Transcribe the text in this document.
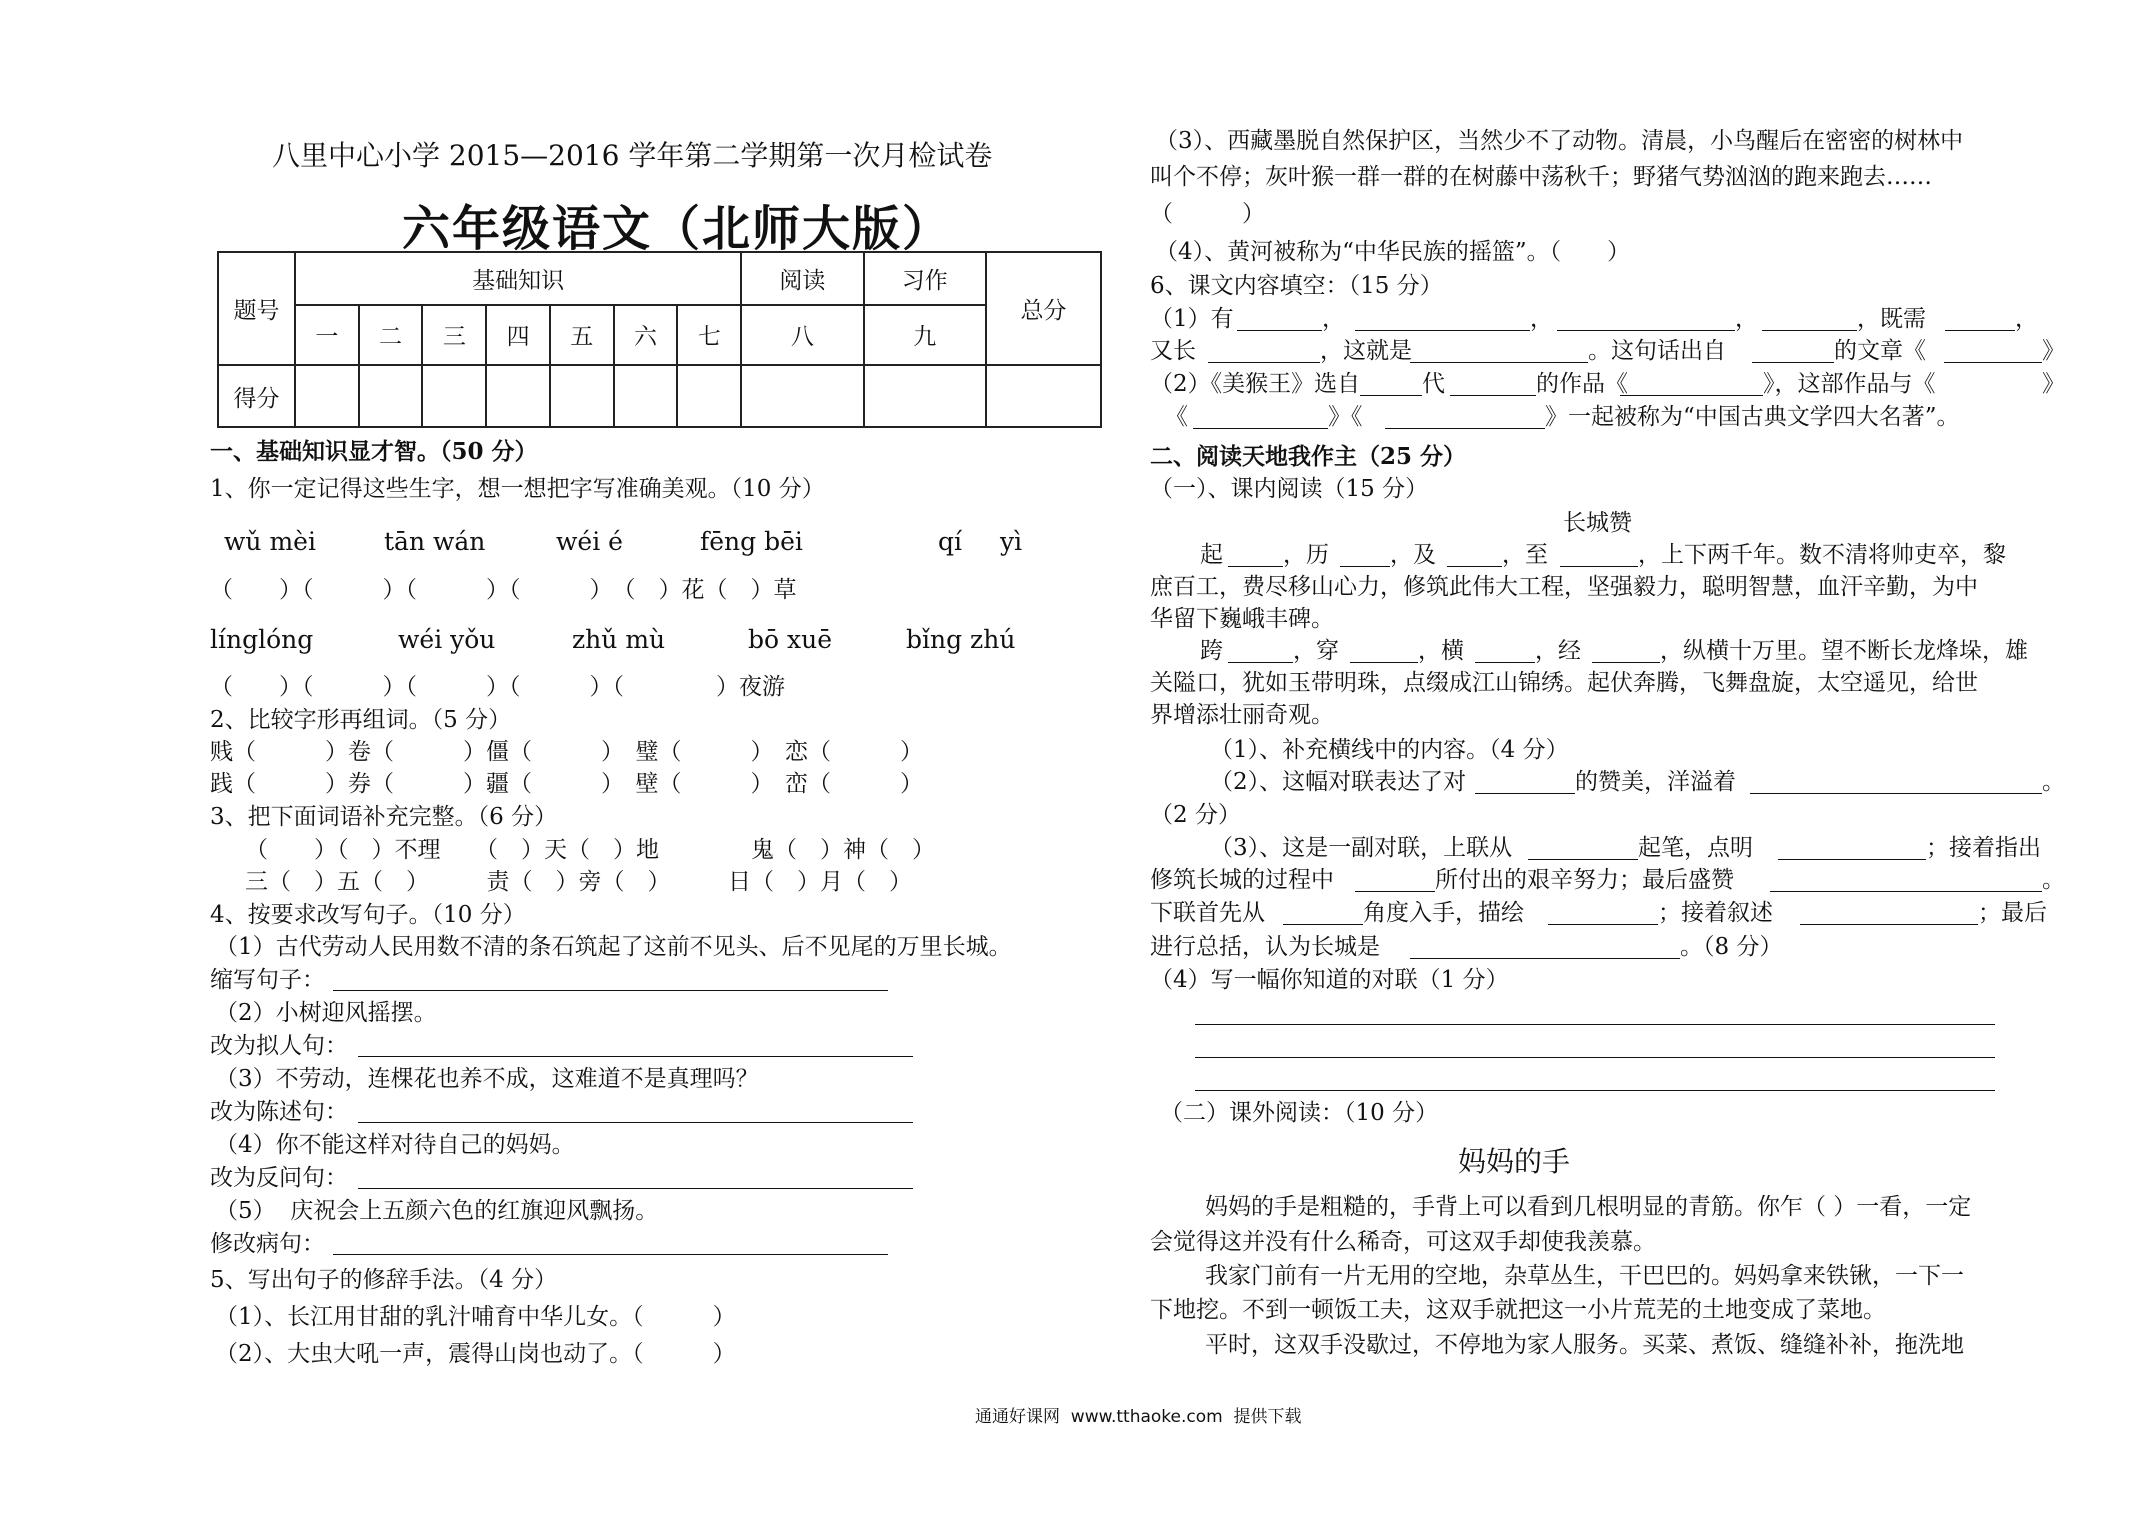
八里中心小学 2015—2016 学年第二学期第一次月检试卷
六年级语文（北师大版）
题号	基础知识							阅读	习作	总分
	一	二	三	四	五	六	七	八	九	
得分										
一、基础知识显才智。（50 分）
1、你一定记得这些生字，想一想把字写准确美观。（10 分）
wǔ mèi	tān wán	wéi é	fēng bēi	qí yì
（　　）（　　　）（　　　）（　　　）　（　）花（　）草
línglóng	wéi yǒu	zhǔ mù	bō xuē	bǐng zhú
（　　）（　　　）（　　　）（　　　）（　　　　）夜游
2、比较字形再组词。（5 分）
贱（　　　）卷（　　　）僵（　　　）　璧（　　　）　恋（　　　）
践（　　　）券（　　　）疆（　　　）　壁（　　　）　峦（　　　）
3、把下面词语补充完整。（6 分）
（　　）（　）不理　　（　）天（　）地　　　　鬼（　）神（　）
三（　）五（　）　　　责（　）旁（　）　　　日（　）月（　）
4、按要求改写句子。（10 分）
（1）古代劳动人民用数不清的条石筑起了这前不见头、后不见尾的万里长城。
缩写句子：
（2）小树迎风摇摆。
改为拟人句：
（3）不劳动，连棵花也养不成，这难道不是真理吗？
改为陈述句：
（4）你不能这样对待自己的妈妈。
改为反问句：
（5）  庆祝会上五颜六色的红旗迎风飘扬。
修改病句：
5、写出句子的修辞手法。（4 分）
（1）、长江用甘甜的乳汁哺育中华儿女。（　　　）
（2）、大虫大吼一声，震得山岗也动了。（　　　）
（3）、西藏墨脱自然保护区，当然少不了动物。清晨，小鸟醒后在密密的树林中
叫个不停；灰叶猴一群一群的在树藤中荡秋千；野猪气势汹汹的跑来跑去……
（　　　）
（4）、黄河被称为“中华民族的摇篮”。（　　）
6、课文内容填空：（15 分）
（1）有	，	，	，	，既需	，
又长	，这就是	。这句话出自	的文章《	》
（2）《美猴王》选自	代	的作品《	》，这部作品与《	》
《	》《	》一起被称为“中国古典文学四大名著”。
二、阅读天地我作主（25 分）
（一）、课内阅读（15 分）
长城赞
起	，历	，及	，至	，上下两千年。数不清将帅吏卒，黎
庶百工，费尽移山心力，修筑此伟大工程，坚强毅力，聪明智慧，血汗辛勤，为中
华留下巍峨丰碑。
跨	，穿	，横	，经	，纵横十万里。望不断长龙烽垛，雄
关隘口，犹如玉带明珠，点缀成江山锦绣。起伏奔腾，飞舞盘旋，太空遥见，给世
界增添壮丽奇观。
（1）、补充横线中的内容。（4 分）
（2）、这幅对联表达了对	的赞美，洋溢着	。
（2 分）
（3）、这是一副对联，上联从	起笔，点明	；接着指出
修筑长城的过程中	所付出的艰辛努力；最后盛赞	。
下联首先从	角度入手，描绘	；接着叙述	；最后
进行总括，认为长城是	。（8 分）
（4）写一幅你知道的对联（1 分）
（二）课外阅读：（10 分）
妈妈的手
妈妈的手是粗糙的，手背上可以看到几根明显的青筋。你乍（ ）一看，一定
会觉得这并没有什么稀奇，可这双手却使我羡慕。
我家门前有一片无用的空地，杂草丛生，干巴巴的。妈妈拿来铁锹，一下一
下地挖。不到一顿饭工夫，这双手就把这一小片荒芜的土地变成了菜地。
平时，这双手没歇过，不停地为家人服务。买菜、煮饭、缝缝补补，拖洗地
通通好课网  www.tthaoke.com  提供下载
